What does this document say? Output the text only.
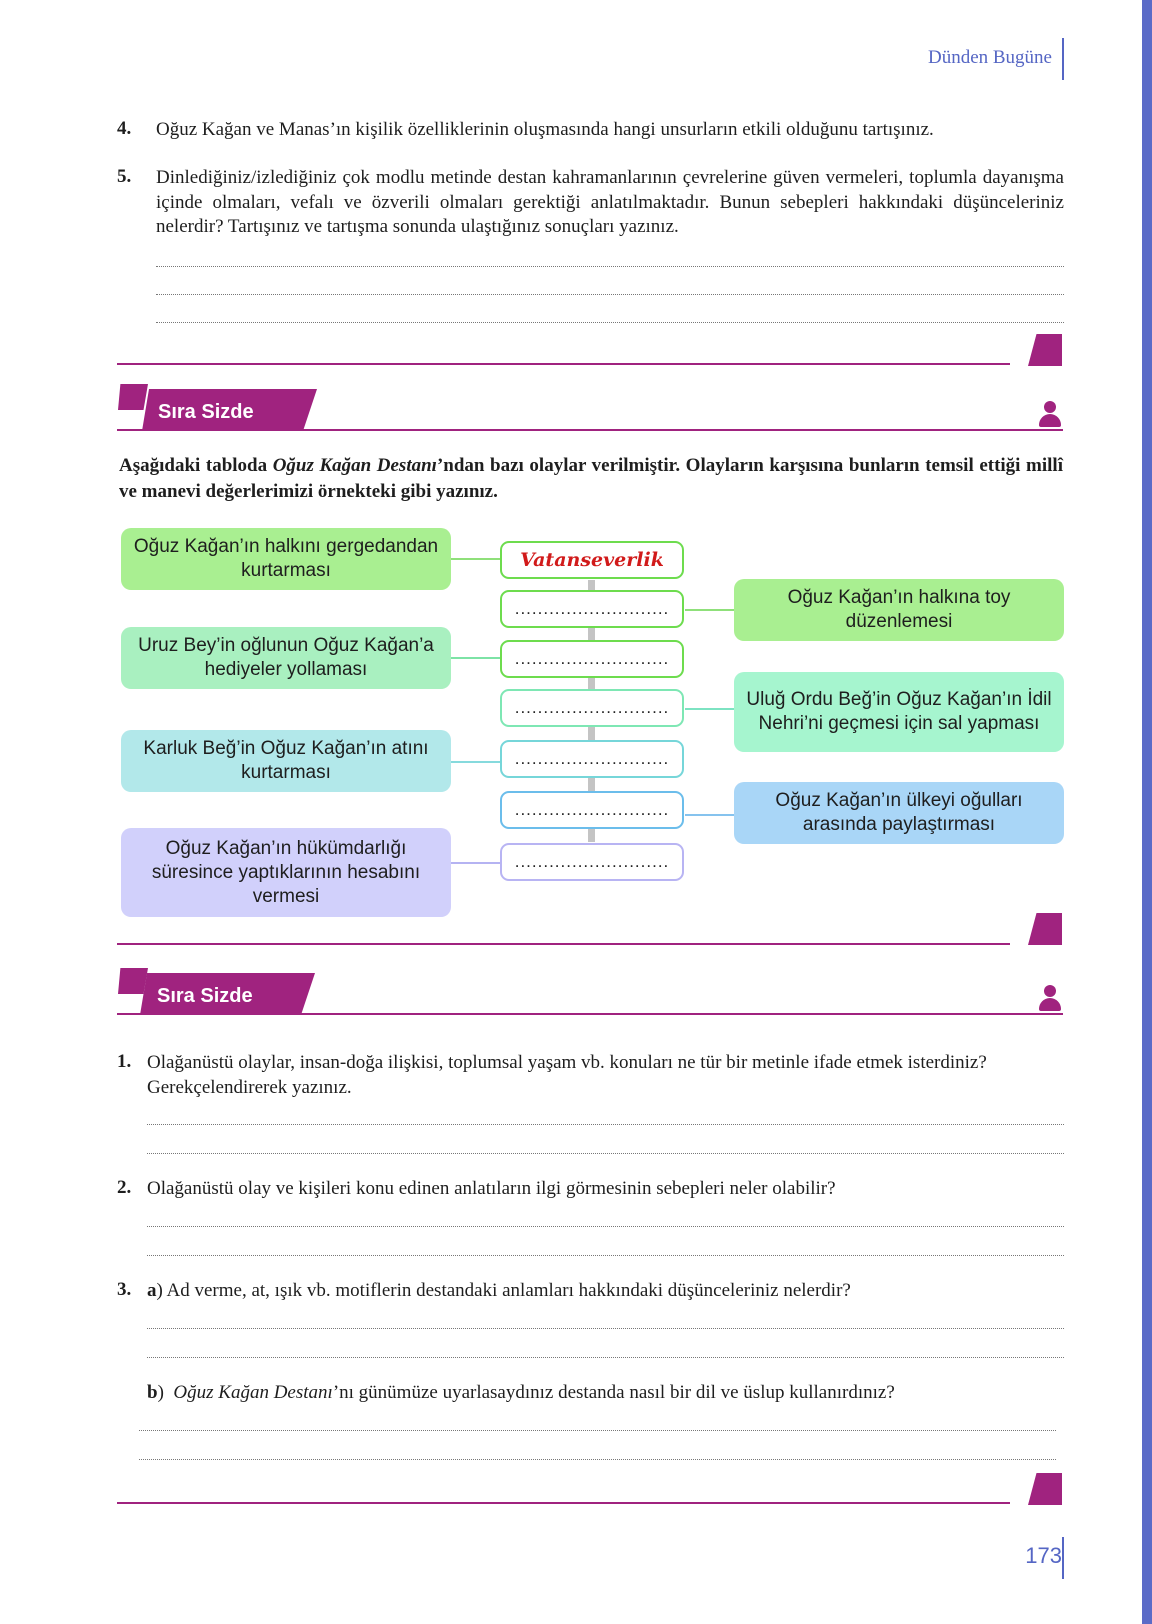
Dünden Bugüne
4. Oğuz Kağan ve Manas’ın kişilik özelliklerinin oluşmasında hangi unsurların etkili olduğunu tartışınız.
5. Dinlediğiniz/izlediğiniz çok modlu metinde destan kahramanlarının çevrelerine güven vermeleri, toplumla dayanışma içinde olmaları, vefalı ve özverili olmaları gerektiği anlatılmaktadır. Bunun sebepleri hakkındaki düşünceleriniz nelerdir? Tartışınız ve tartışma sonunda ulaştığınız sonuçları yazınız.
Sıra Sizde
Aşağıdaki tabloda Oğuz Kağan Destanı’ndan bazı olaylar verilmiştir. Olayların karşısına bunların temsil ettiği millî ve manevi değerlerimizi örnekteki gibi yazınız.
Oğuz Kağan’ın halkını gergedandan kurtarması
Uruz Bey’in oğlunun Oğuz Kağan’a hediyeler yollaması
Karluk Beğ’in Oğuz Kağan’ın atını kurtarması
Oğuz Kağan’ın hükümdarlığı süresince yaptıklarının hesabını vermesi
Oğuz Kağan’ın halkına toy düzenlemesi
Uluğ Ordu Beğ’in Oğuz Kağan’ın İdil Nehri’ni geçmesi için sal yapması
Oğuz Kağan’ın ülkeyi oğulları arasında paylaştırması
Vatanseverlik
...........................
...........................
...........................
...........................
...........................
...........................
Sıra Sizde
1. Olağanüstü olaylar, insan-doğa ilişkisi, toplumsal yaşam vb. konuları ne tür bir metinle ifade etmek isterdiniz? Gerekçelendirerek yazınız.
2. Olağanüstü olay ve kişileri konu edinen anlatıların ilgi görmesinin sebepleri neler olabilir?
3. a) Ad verme, at, ışık vb. motiflerin destandaki anlamları hakkındaki düşünceleriniz nelerdir?
b) Oğuz Kağan Destanı’nı günümüze uyarlasaydınız destanda nasıl bir dil ve üslup kullanırdınız?
173
